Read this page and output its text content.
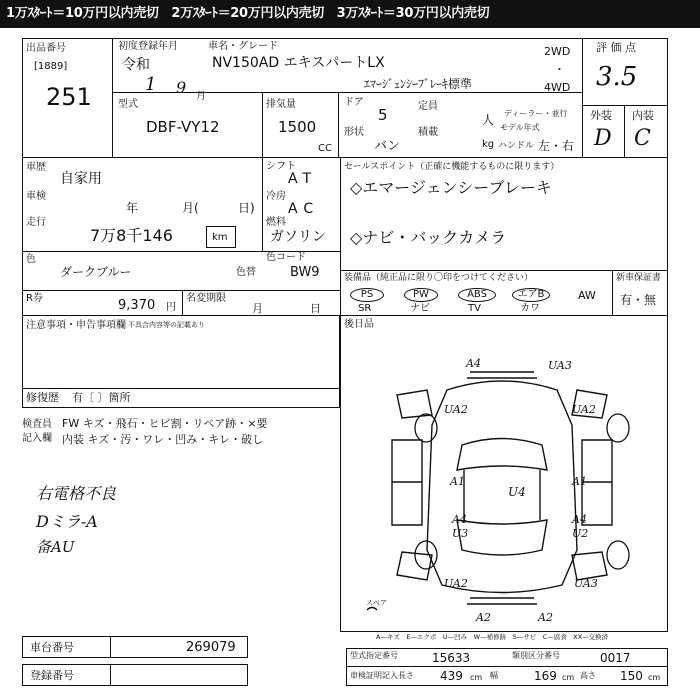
1万ｽﾀｰﾄ＝10万円以内売切　2万ｽﾀｰﾄ＝20万円以内売切　3万ｽﾀｰﾄ＝30万円以内売切
出品番号
[1889]
251
初度登録年月
令和
1 9 月
車名・グレード
NV150AD エキスパートLX
ｴﾏｰｼﾞｪﾝｼｰﾌﾞﾚｰｷ標準
2WD
・
4WD
評 価 点
3.5
外装 内装
D C
型式
DBF-VY12
排気量
1500
CC
ドア
5
形状
バン
定員
人
積載
kg
ディーラー・並行
モデル年式
ハンドル 左・右
車歴
自家用
車検
年	月(	日)
走行
7万8千146	km
シフト
AT
冷房
AC
燃料
ガソリン
色
ダークブルー	色替
色コード
BW9
R券	9,370 円
名変期限
月	日
セールスポイント（正確に機能するものに限ります）
◇エマージェンシーブレーキ
◇ナビ・バックカメラ
装備品（純正品に限り〇印をつけてください）
PS
SR
PW
ナビ
ABS
TV
エアB
カワ
AW
新車保証書
有・無
注意事項・申告事項欄 不具合内容等の記載あり
修復歴 有〔 〕箇所
後日品
検査員
記入欄
FW キズ・飛石・ヒビ割・リペア跡・×要
内装 キズ・汚・ワレ・凹み・キレ・破し
右電格不良
Dミラ-A
备AU
A4	UA3
UA2	UA2
A1
U4
A4
U3
A1
A4
U2
UA2	UA3
A2	A2
スペア
A—キズ　E—エクボ　U—凹み　W—補修跡　S—サビ　C—腐食　XX—交換済
車台番号	269079
登録番号
型式指定番号	15633	類別区分番号	0017
車検証明記入 長さ 439 cm 幅	169 cm 高さ 150 cm
